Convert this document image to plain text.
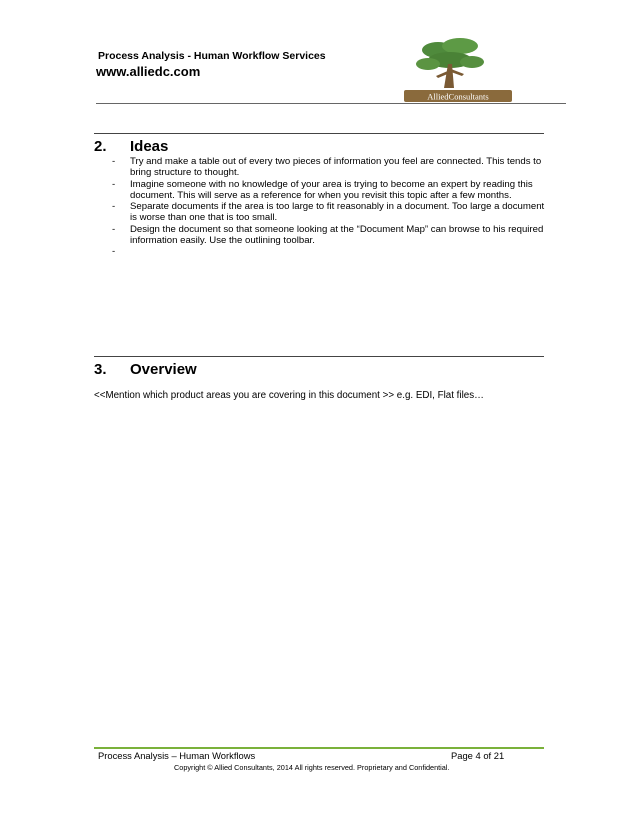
Process Analysis - Human Workflow Services
www.alliedc.com
AlliedConsultants
2. Ideas
- Try and make a table out of every two pieces of information you feel are connected. This tends to bring structure to thought.
- Imagine someone with no knowledge of your area is trying to become an expert by reading this document. This will serve as a reference for when you revisit this topic after a few months.
- Separate documents if the area is too large to fit reasonably in a document. Too large a document is worse than one that is too small.
- Design the document so that someone looking at the “Document Map” can browse to his required information easily. Use the outlining toolbar.
-
3. Overview
<<Mention which product areas you are covering in this document >> e.g. EDI, Flat files…
Process Analysis – Human Workflows	Page 4 of 21
Copyright © Allied Consultants, 2014 All rights reserved. Proprietary and Confidential.
